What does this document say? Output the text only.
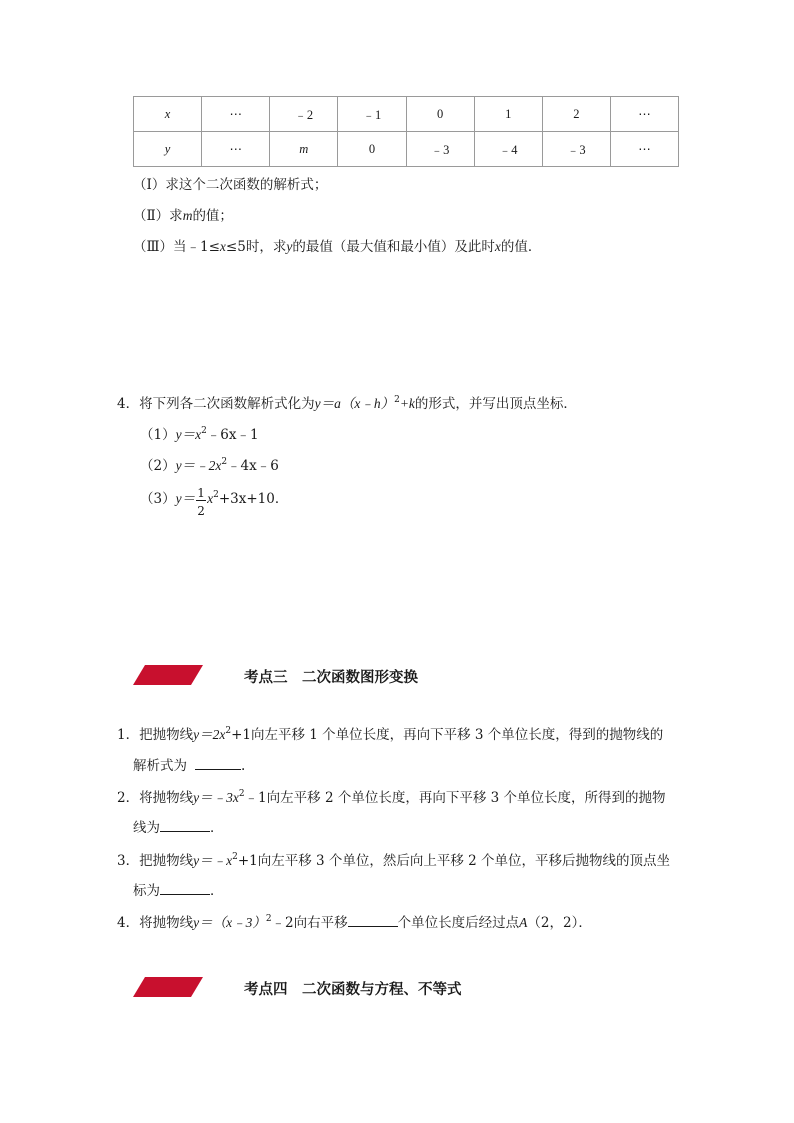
x	⋯	﹣2	﹣1	0	1	2	⋯
y	⋯	m	0	﹣3	﹣4	﹣3	⋯
（Ⅰ）求这个二次函数的解析式；
（Ⅱ）求m的值；
（Ⅲ）当﹣1≤x≤5时，求y的最值（最大值和最小值）及此时x的值．
4．将下列各二次函数解析式化为y＝a（x﹣h）$^2$+k的形式，并写出顶点坐标．
$(1)y=x^2﹣6x﹣1$
$(2)y=﹣2x^2﹣4x﹣6$
$(3)y= \frac{1}{2} x^2+3x+10$．
考点三　二次函数图形变换
1．把抛物线$y=2x^2+1$向左平移 1 个单位长度，再向下平移 3 个单位长度，得到的抛物线的
解析式为	.
2．将抛物线$y=﹣3x^2﹣1$向左平移 2 个单位长度，再向下平移 3 个单位长度，所得到的抛物
线为	．
3．把抛物线$y=﹣x^2+1$向左平移 3 个单位，然后向上平移 2 个单位，平移后抛物线的顶点坐
标为	．
4．将抛物线y＝（x﹣3）$^2$﹣2向右平移	个单位长度后经过点A（2，2）．
考点四　二次函数与方程、不等式
